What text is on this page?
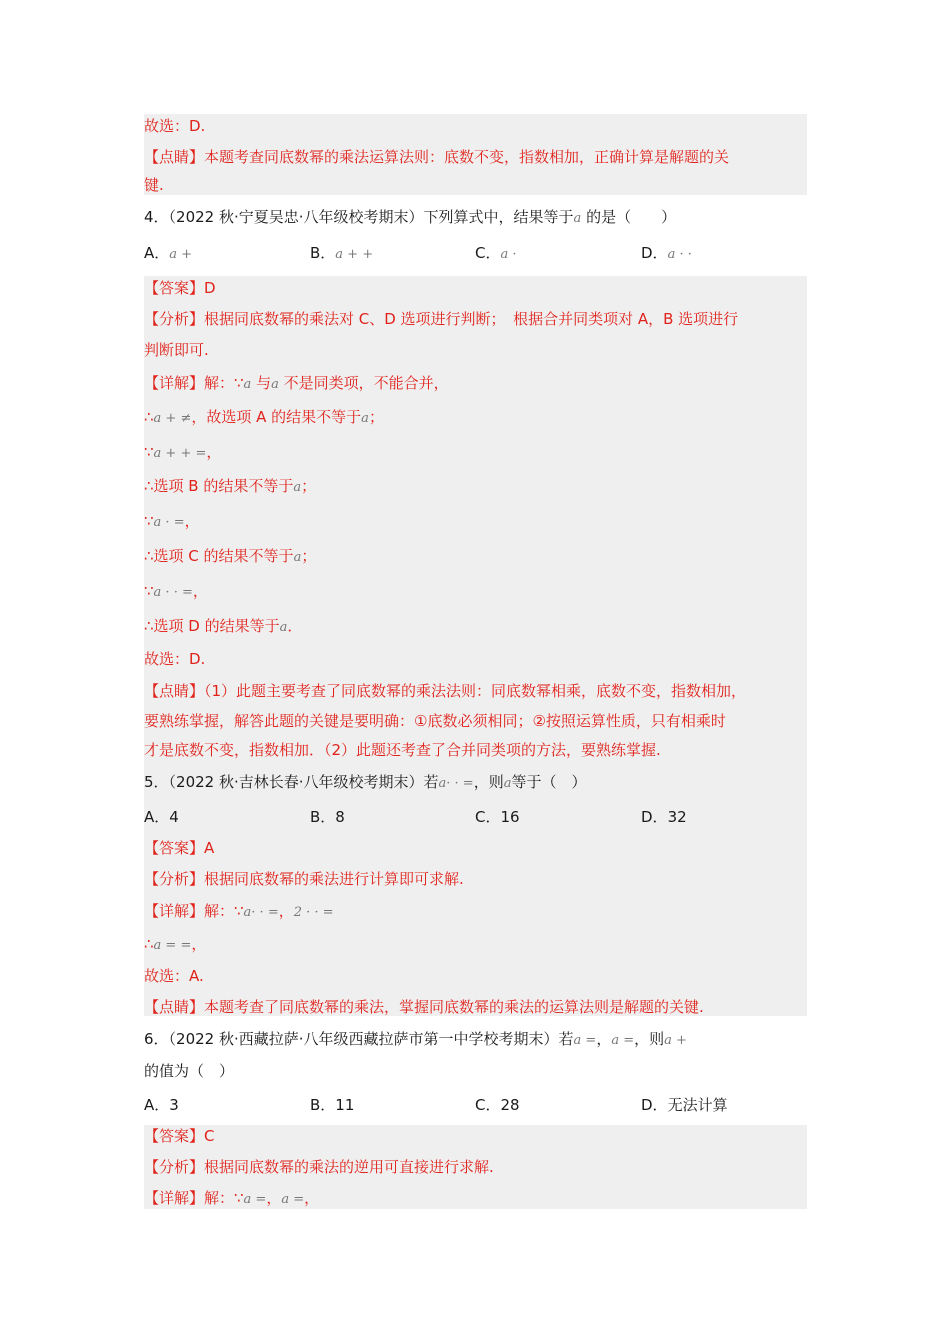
故选：D.
【点睛】本题考查同底数幂的乘法运算法则：底数不变，指数相加，正确计算是解题的关
键.
4．（2022 秋·宁夏吴忠·八年级校考期末）下列算式中，结果等于a 的是（　　）
A．a +	B．a + +	C．a ·	D．a · ·
【答案】D
【分析】根据同底数幂的乘法对 C、D 选项进行判断；　根据合并同类项对 A，B 选项进行
判断即可.
【详解】解：∵a 与a 不是同类项，不能合并，
∴a + ≠，故选项 A 的结果不等于a；
∵a + + =，
∴选项 B 的结果不等于a；
∵a · =，
∴选项 C 的结果不等于a；
∵a · · =，
∴选项 D 的结果等于a．
故选：D.
【点睛】（1）此题主要考查了同底数幂的乘法法则：同底数幂相乘，底数不变，指数相加，
要熟练掌握，解答此题的关键是要明确：①底数必须相同；②按照运算性质，只有相乘时
才是底数不变，指数相加．（2）此题还考查了合并同类项的方法，要熟练掌握.
5．（2022 秋·吉林长春·八年级校考期末）若a· · =，则a等于（　）
A．4	B．8	C．16	D．32
【答案】A
【分析】根据同底数幂的乘法进行计算即可求解.
【详解】解：∵a· · =，2 · · =
∴a = =，
故选：A.
【点睛】本题考查了同底数幂的乘法，掌握同底数幂的乘法的运算法则是解题的关键.
6．（2022 秋·西藏拉萨·八年级西藏拉萨市第一中学校考期末）若a =，a =，则a +
的值为（　）
A．3	B．11	C．28	D．无法计算
【答案】C
【分析】根据同底数幂的乘法的逆用可直接进行求解.
【详解】解：∵a =，a =，
